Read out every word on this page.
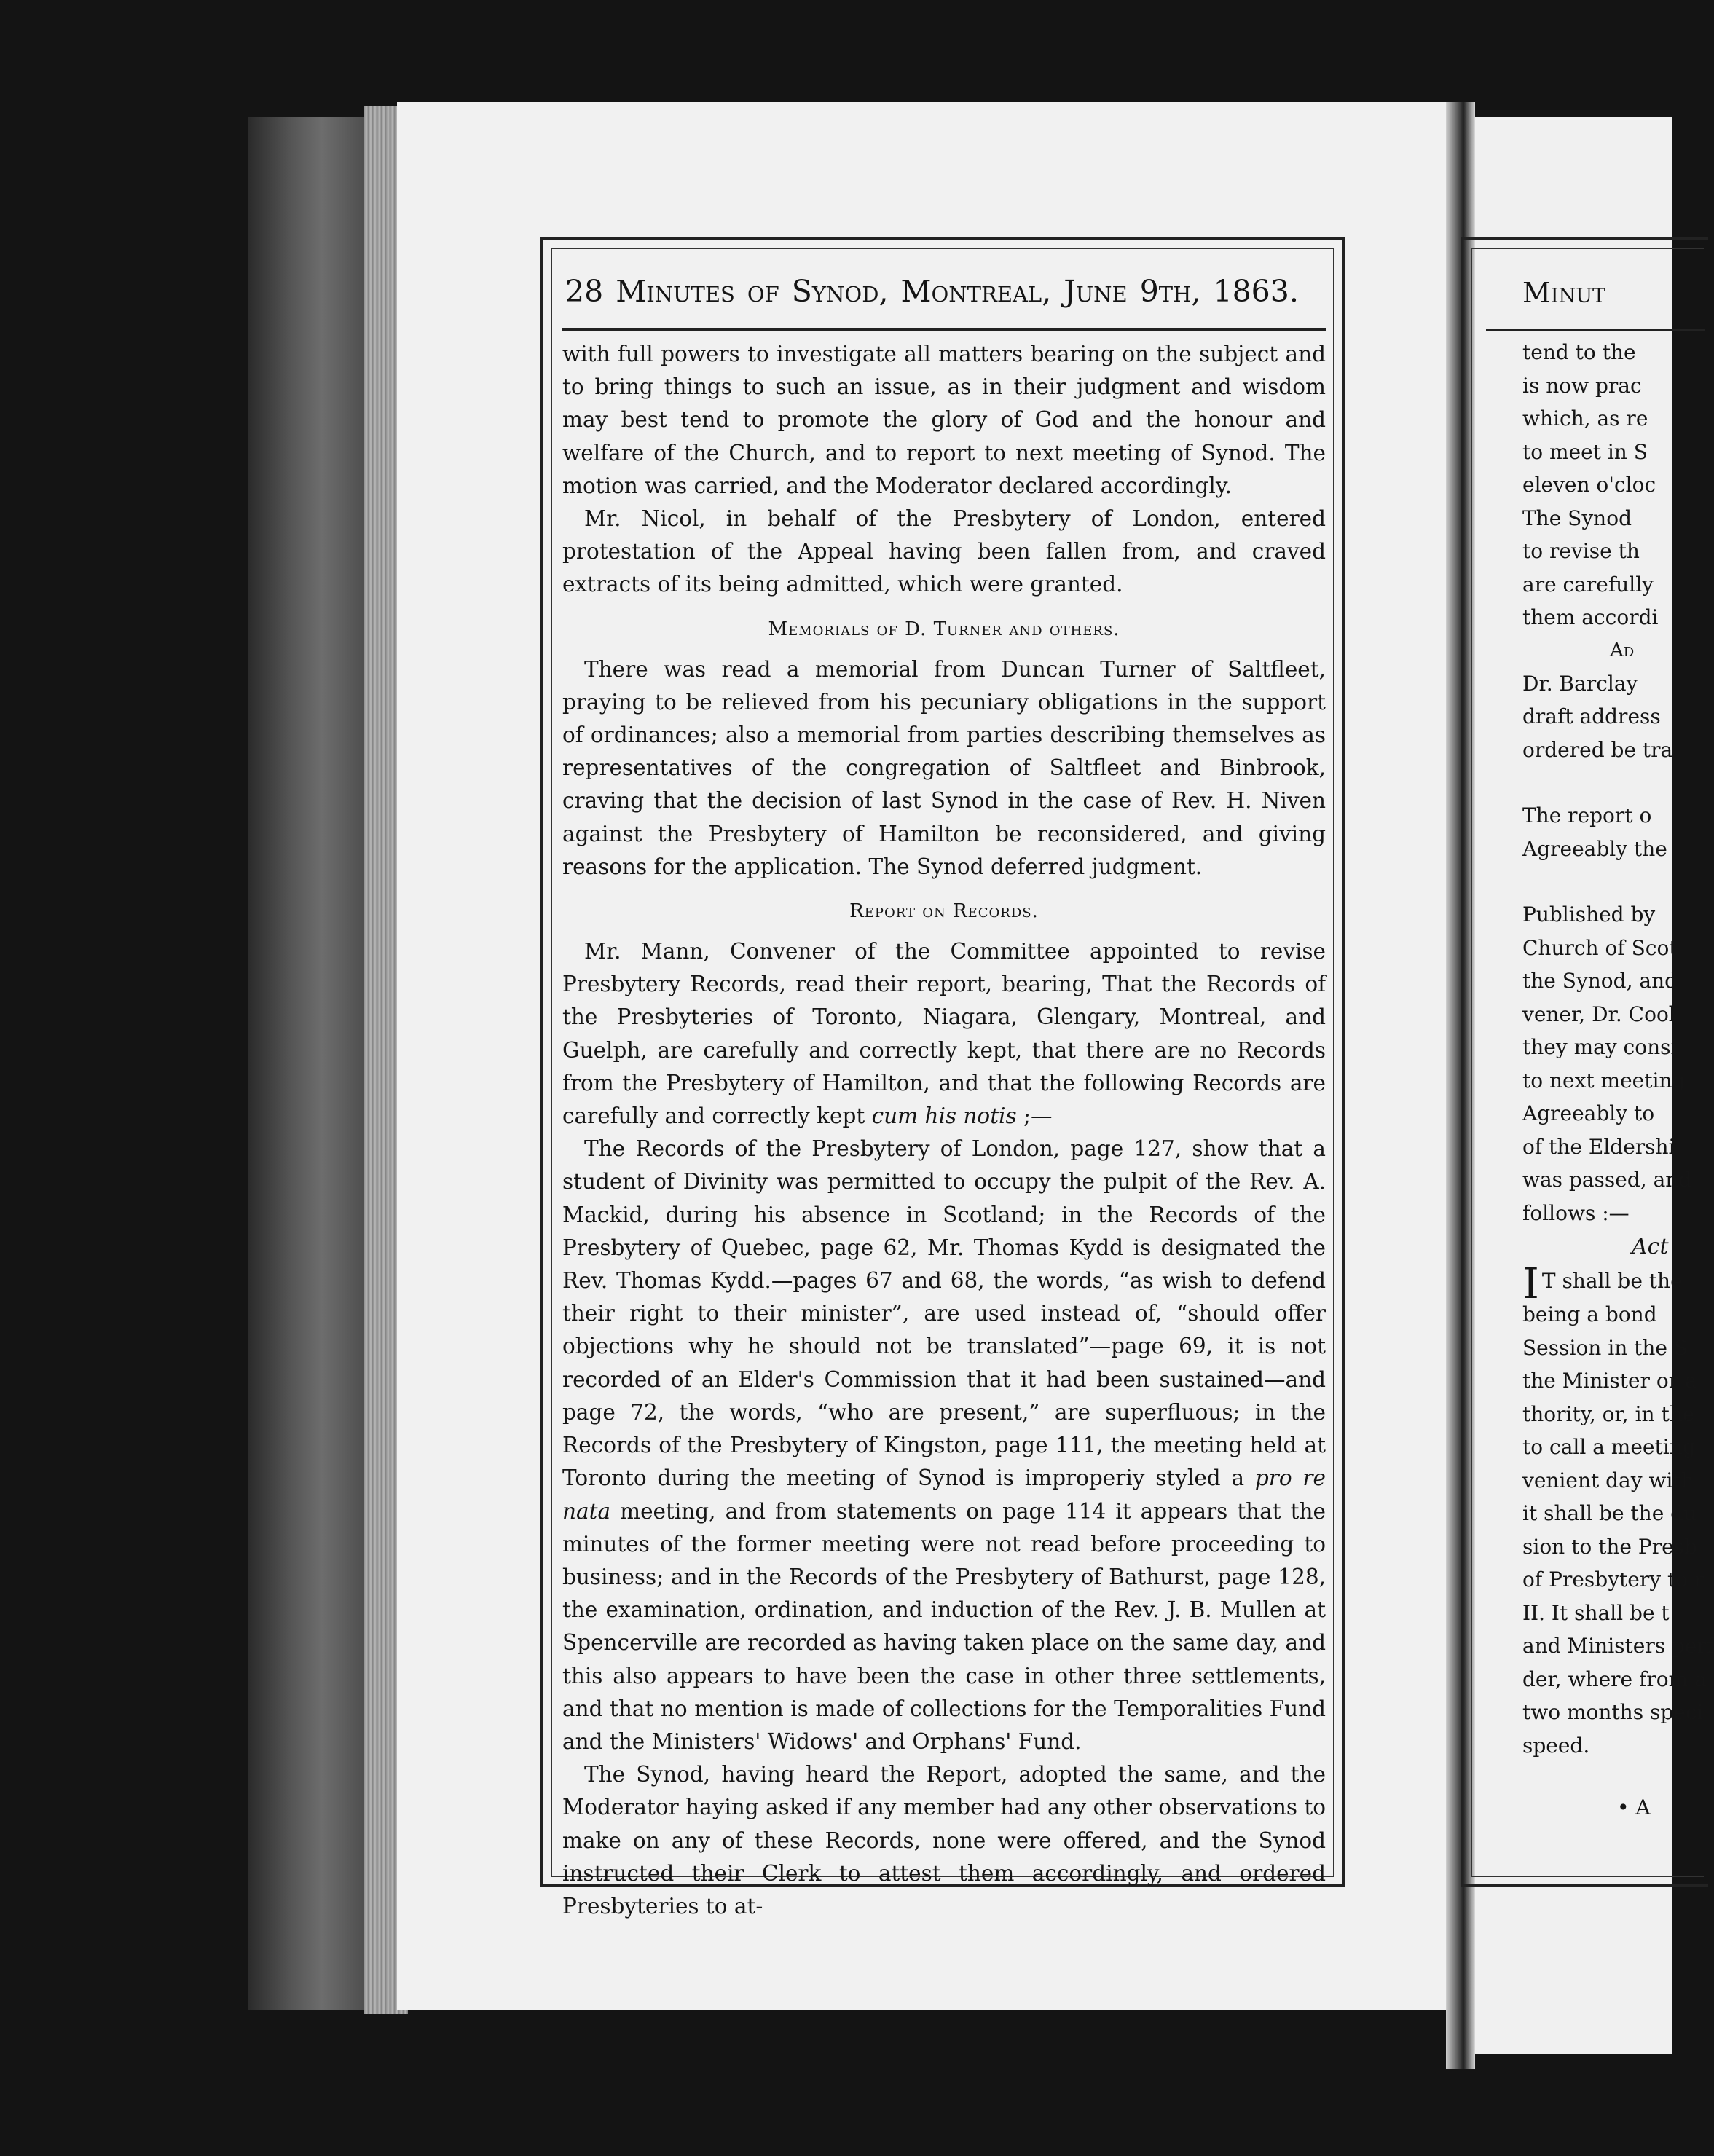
28 Minutes of Synod, Montreal, June 9th, 1863.

with full powers to investigate all matters bearing on the subject and to bring things to such an issue, as in their judgment and wisdom may best tend to promote the glory of God and the honour and welfare of the Church, and to report to next meeting of Synod. The motion was carried, and the Moderator declared accordingly.

Mr. Nicol, in behalf of the Presbytery of London, entered protestation of the Appeal having been fallen from, and craved extracts of its being admitted, which were granted.

Memorials of D. Turner and others.

There was read a memorial from Duncan Turner of Saltfleet, praying to be relieved from his pecuniary obligations in the support of ordinances; also a memorial from parties describing themselves as representatives of the congregation of Saltfleet and Binbrook, craving that the decision of last Synod in the case of Rev. H. Niven against the Presbytery of Hamilton be reconsidered, and giving reasons for the application. The Synod deferred judgment.

Report on Records.

Mr. Mann, Convener of the Committee appointed to revise Presbytery Records, read their report, bearing, That the Records of the Presbyteries of Toronto, Niagara, Glengary, Montreal, and Guelph, are carefully and correctly kept, that there are no Records from the Presbytery of Hamilton, and that the following Records are carefully and correctly kept cum his notis ;—

The Records of the Presbytery of London, page 127, show that a student of Divinity was permitted to occupy the pulpit of the Rev. A. Mackid, during his absence in Scotland; in the Records of the Presbytery of Quebec, page 62, Mr. Thomas Kydd is designated the Rev. Thomas Kydd.—pages 67 and 68, the words, “as wish to defend their right to their minister”, are used instead of, “should offer objections why he should not be translated”—page 69, it is not recorded of an Elder's Commission that it had been sustained—and page 72, the words, “who are present,” are superfluous; in the Records of the Presbytery of Kingston, page 111, the meeting held at Toronto during the meeting of Synod is improperiy styled a pro re nata meeting, and from statements on page 114 it appears that the minutes of the former meeting were not read before proceeding to business; and in the Records of the Presbytery of Bathurst, page 128, the examination, ordination, and induction of the Rev. J. B. Mullen at Spencerville are recorded as having taken place on the same day, and this also appears to have been the case in other three settlements, and that no mention is made of collections for the Temporalities Fund and the Ministers' Widows' and Orphans' Fund.

The Synod, having heard the Report, adopted the same, and the Moderator haying asked if any member had any other observations to make on any of these Records, none were offered, and the Synod instructed their Clerk to attest them accordingly, and ordered Presbyteries to at-

Minut
tend to the
is now prac
which, as re
to meet in S
eleven o'cloc
The Synod
to revise th
are carefully
them accordi
Ad
Dr. Barclay
draft address
ordered be tra
The report o
Agreeably the
Published by
Church of Scot
the Synod, and
vener, Dr. Cool
they may consi
to next meeting
Agreeably to
of the Eldershi
was passed, and
follows :—
Act
I T shall be the
being a bond
Session in the S
the Minister or a
thority, or, in the
to call a meeting
venient day with
it shall be the du
sion to the Presb
of Presbytery to r
II. It shall be t
and Ministers perf
der, where from a
two months speci
speed.
• A
